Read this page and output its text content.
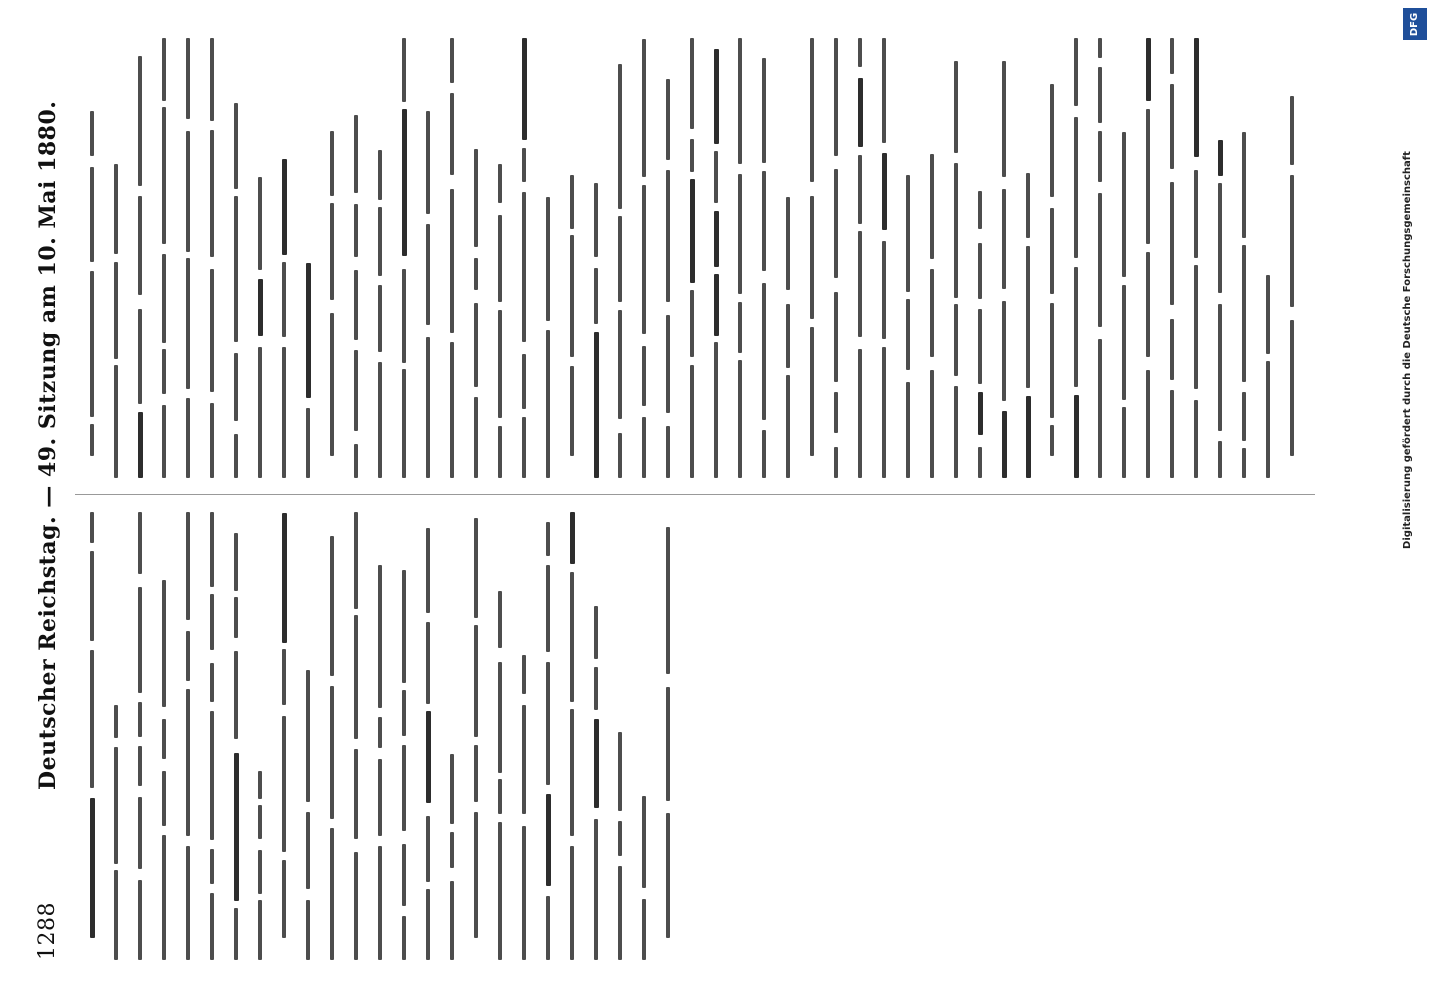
1288
Deutscher Reichstag. — 49. Sitzung am 10. Mai 1880.
DFG
Digitalisierung gefördert durch die Deutsche Forschungsgemeinschaft
